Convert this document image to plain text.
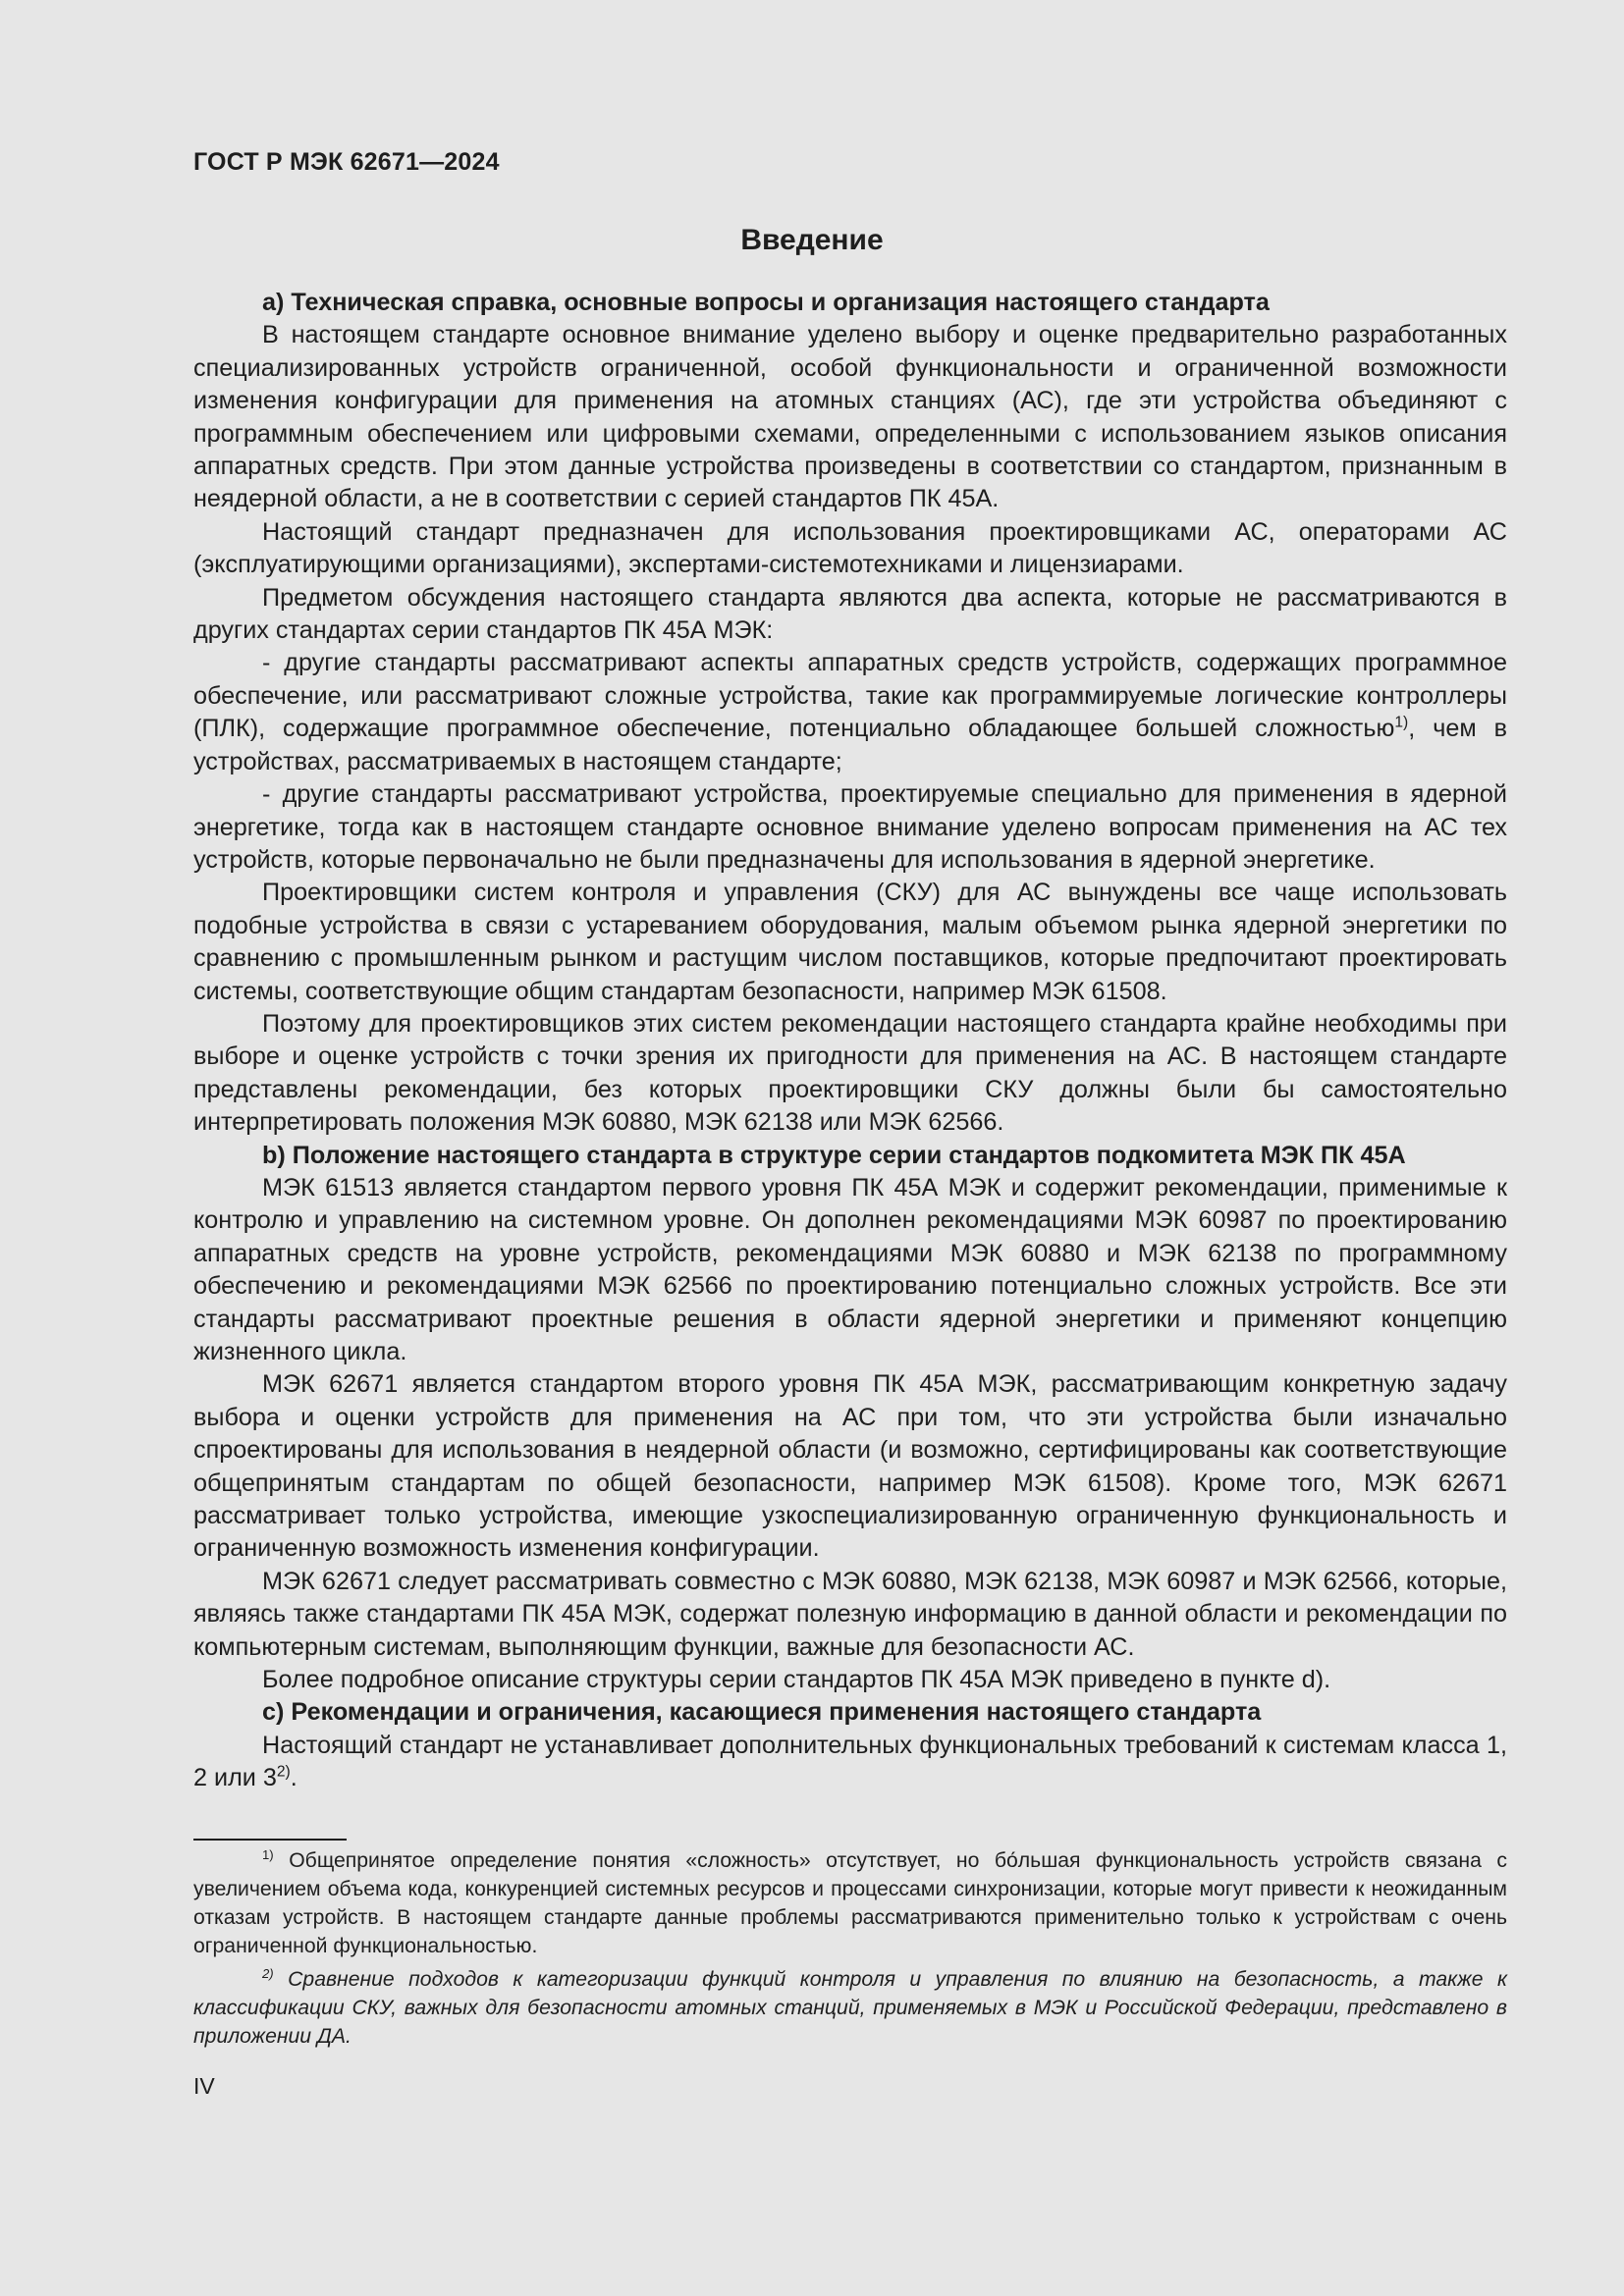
ГОСТ Р МЭК 62671—2024
Введение

a) Техническая справка, основные вопросы и организация настоящего стандарта

В настоящем стандарте основное внимание уделено выбору и оценке предварительно разработанных специализированных устройств ограниченной, особой функциональности и ограниченной возможности изменения конфигурации для применения на атомных станциях (АС), где эти устройства объединяют с программным обеспечением или цифровыми схемами, определенными с использованием языков описания аппаратных средств. При этом данные устройства произведены в соответствии со стандартом, признанным в неядерной области, а не в соответствии с серией стандартов ПК 45А.

Настоящий стандарт предназначен для использования проектировщиками АС, операторами АС (эксплуатирующими организациями), экспертами-системотехниками и лицензиарами.

Предметом обсуждения настоящего стандарта являются два аспекта, которые не рассматриваются в других стандартах серии стандартов ПК 45А МЭК:

- другие стандарты рассматривают аспекты аппаратных средств устройств, содержащих программное обеспечение, или рассматривают сложные устройства, такие как программируемые логические контроллеры (ПЛК), содержащие программное обеспечение, потенциально обладающее большей сложностью$^{1)}$, чем в устройствах, рассматриваемых в настоящем стандарте;

- другие стандарты рассматривают устройства, проектируемые специально для применения в ядерной энергетике, тогда как в настоящем стандарте основное внимание уделено вопросам применения на АС тех устройств, которые первоначально не были предназначены для использования в ядерной энергетике.

Проектировщики систем контроля и управления (СКУ) для АС вынуждены все чаще использовать подобные устройства в связи с устареванием оборудования, малым объемом рынка ядерной энергетики по сравнению с промышленным рынком и растущим числом поставщиков, которые предпочитают проектировать системы, соответствующие общим стандартам безопасности, например МЭК 61508.

Поэтому для проектировщиков этих систем рекомендации настоящего стандарта крайне необходимы при выборе и оценке устройств с точки зрения их пригодности для применения на АС. В настоящем стандарте представлены рекомендации, без которых проектировщики СКУ должны были бы самостоятельно интерпретировать положения МЭК 60880, МЭК 62138 или МЭК 62566.

b) Положение настоящего стандарта в структуре серии стандартов подкомитета МЭК ПК 45А

МЭК 61513 является стандартом первого уровня ПК 45А МЭК и содержит рекомендации, применимые к контролю и управлению на системном уровне. Он дополнен рекомендациями МЭК 60987 по проектированию аппаратных средств на уровне устройств, рекомендациями МЭК 60880 и МЭК 62138 по программному обеспечению и рекомендациями МЭК 62566 по проектированию потенциально сложных устройств. Все эти стандарты рассматривают проектные решения в области ядерной энергетики и применяют концепцию жизненного цикла.

МЭК 62671 является стандартом второго уровня ПК 45А МЭК, рассматривающим конкретную задачу выбора и оценки устройств для применения на АС при том, что эти устройства были изначально спроектированы для использования в неядерной области (и возможно, сертифицированы как соответствующие общепринятым стандартам по общей безопасности, например МЭК 61508). Кроме того, МЭК 62671 рассматривает только устройства, имеющие узкоспециализированную ограниченную функциональность и ограниченную возможность изменения конфигурации.

МЭК 62671 следует рассматривать совместно с МЭК 60880, МЭК 62138, МЭК 60987 и МЭК 62566, которые, являясь также стандартами ПК 45А МЭК, содержат полезную информацию в данной области и рекомендации по компьютерным системам, выполняющим функции, важные для безопасности АС.

Более подробное описание структуры серии стандартов ПК 45А МЭК приведено в пункте d).

c) Рекомендации и ограничения, касающиеся применения настоящего стандарта

Настоящий стандарт не устанавливает дополнительных функциональных требований к системам класса 1, 2 или 3$^{2)}$.

$^{1)}$ Общепринятое определение понятия «сложность» отсутствует, но бо́льшая функциональность устройств связана с увеличением объема кода, конкуренцией системных ресурсов и процессами синхронизации, которые могут привести к неожиданным отказам устройств. В настоящем стандарте данные проблемы рассматриваются применительно только к устройствам с очень ограниченной функциональностью.

$^{2)}$ Сравнение подходов к категоризации функций контроля и управления по влиянию на безопасность, а также к классификации СКУ, важных для безопасности атомных станций, применяемых в МЭК и Российской Федерации, представлено в приложении ДА.

IV
